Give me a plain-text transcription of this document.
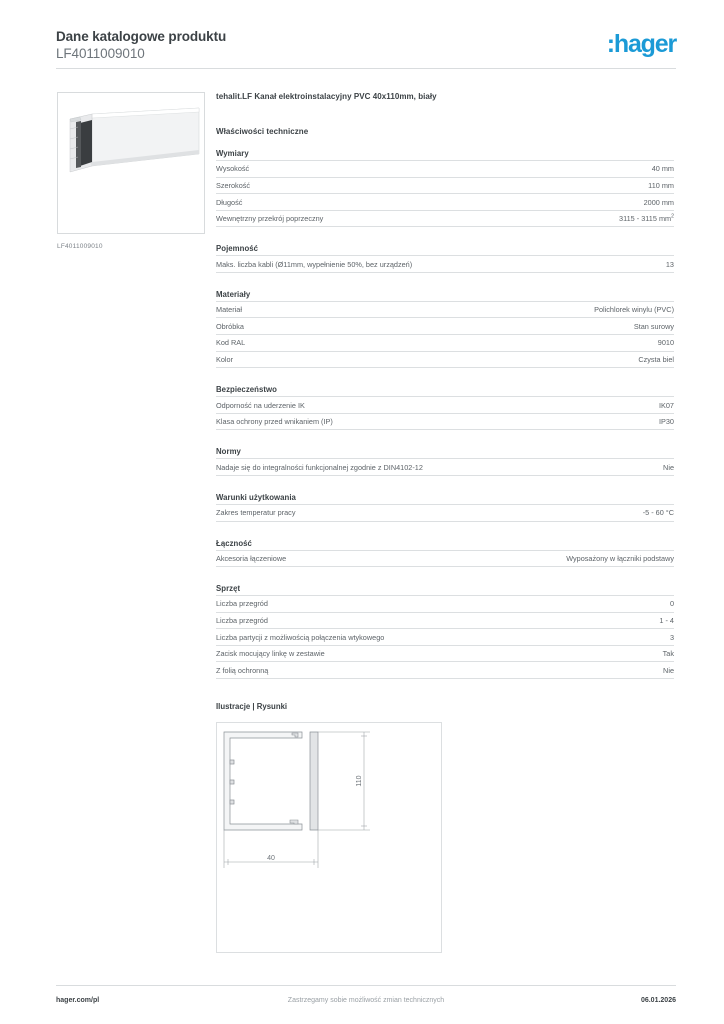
Dane katalogowe produktu
LF4011009010	:hager
LF4011009010
tehalit.LF Kanał elektroinstalacyjny PVC 40x110mm, biały
Właściwości techniczne
Wymiary
Wysokość	40 mm
Szerokość	110 mm
Długość	2000 mm
Wewnętrzny przekrój poprzeczny	3115 - 3115 $mm^2$
Pojemność
Maks. liczba kabli (Ø11mm, wypełnienie 50%, bez urządzeń)	13
Materiały
Materiał	Polichlorek winylu (PVC)
Obróbka	Stan surowy
Kod RAL	9010
Kolor	Czysta biel
Bezpieczeństwo
Odporność na uderzenie IK	IK07
Klasa ochrony przed wnikaniem (IP)	IP30
Normy
Nadaje się do integralności funkcjonalnej zgodnie z DIN4102-12	Nie
Warunki użytkowania
Zakres temperatur pracy	-5 - 60 °C
Łączność
Akcesoria łączeniowe	Wyposażony w łączniki podstawy
Sprzęt
Liczba przegród	0
Liczba przegród	1 - 4
Liczba partycji z możliwością połączenia wtykowego	3
Zacisk mocujący linkę w zestawie	Tak
Z folią ochronną	Nie
Ilustracje | Rysunki
110
40
hager.com/pl	Zastrzegamy sobie możliwość zmian technicznych	06.01.2026
